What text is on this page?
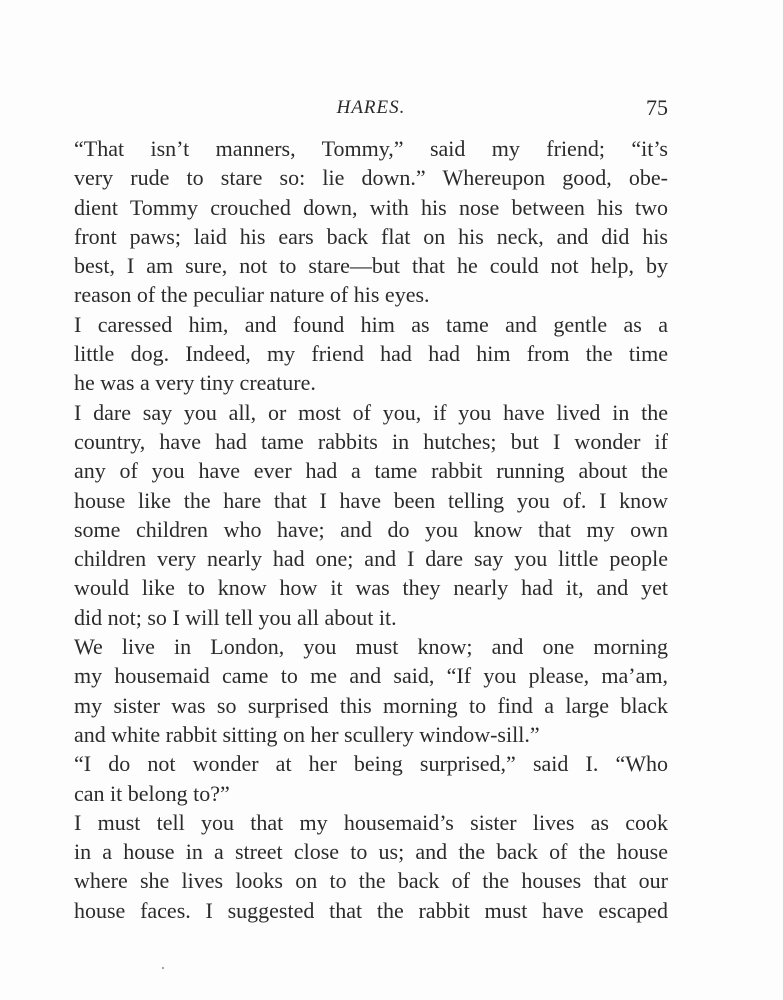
HARES.	75
“That isn’t manners, Tommy,” said my friend; “it’s
very rude to stare so: lie down.” Whereupon good, obe-
dient Tommy crouched down, with his nose between his two
front paws; laid his ears back flat on his neck, and did his
best, I am sure, not to stare—but that he could not help, by
reason of the peculiar nature of his eyes.
I caressed him, and found him as tame and gentle as a
little dog. Indeed, my friend had had him from the time
he was a very tiny creature.
I dare say you all, or most of you, if you have lived in the
country, have had tame rabbits in hutches; but I wonder if
any of you have ever had a tame rabbit running about the
house like the hare that I have been telling you of. I know
some children who have; and do you know that my own
children very nearly had one; and I dare say you little people
would like to know how it was they nearly had it, and yet
did not; so I will tell you all about it.
We live in London, you must know; and one morning
my housemaid came to me and said, “If you please, ma’am,
my sister was so surprised this morning to find a large black
and white rabbit sitting on her scullery window-sill.”
“I do not wonder at her being surprised,” said I. “Who
can it belong to?”
I must tell you that my housemaid’s sister lives as cook
in a house in a street close to us; and the back of the house
where she lives looks on to the back of the houses that our
house faces. I suggested that the rabbit must have escaped
